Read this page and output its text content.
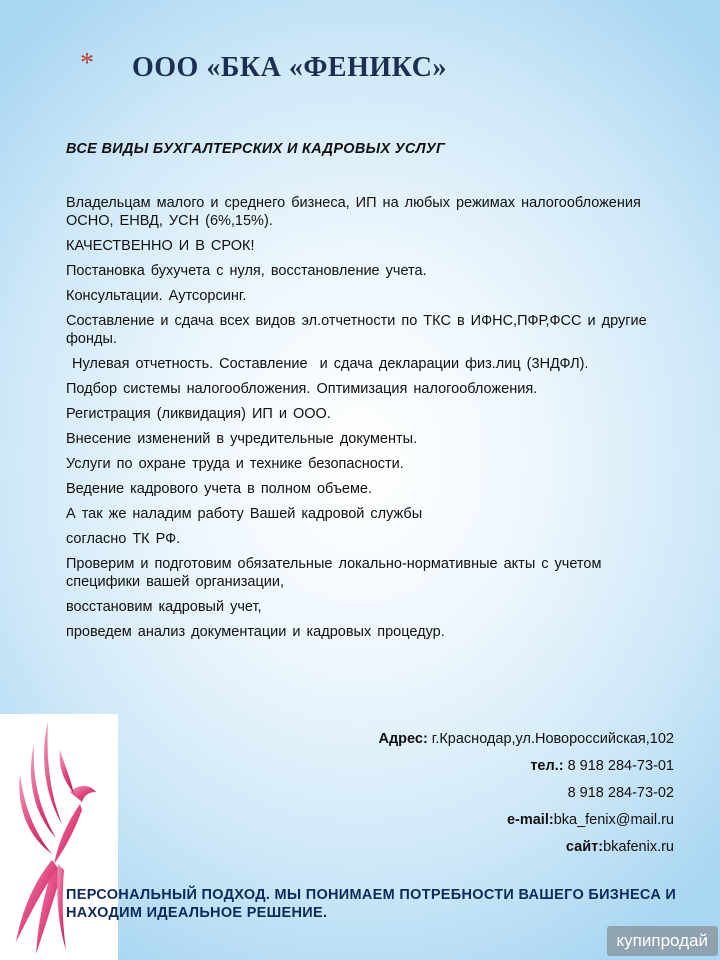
* ООО «БКА «ФЕНИКС»
ВСЕ ВИДЫ БУХГАЛТЕРСКИХ И КАДРОВЫХ УСЛУГ

Владельцам малого и среднего бизнеса, ИП на любых режимах налогообложения ОСНО, ЕНВД, УСН (6%,15%).

КАЧЕСТВЕННО И В СРОК!

Постановка бухучета с нуля, восстановление учета.

Консультации. Аутсорсинг.

Составление и сдача всех видов эл.отчетности по ТКС в ИФНС,ПФР,ФСС и другие фонды.

Нулевая отчетность. Составление  и сдача декларации физ.лиц (3НДФЛ).

Подбор системы налогообложения. Оптимизация налогообложения.

Регистрация (ликвидация) ИП и ООО.

Внесение изменений в учредительные документы.

Услуги по охране труда и технике безопасности.

Ведение кадрового учета в полном объеме.

А так же наладим работу Вашей кадровой службы

согласно ТК РФ.

Проверим и подготовим обязательные локально-нормативные акты с учетом специфики вашей организации,

восстановим кадровый учет,

проведем анализ документации и кадровых процедур.

Адрес: г.Краснодар,ул.Новороссийская,102
тел.: 8 918 284-73-01
8 918 284-73-02
e-mail:bka_fenix@mail.ru
сайт:bkafenix.ru
ПЕРСОНАЛЬНЫЙ ПОДХОД. МЫ ПОНИМАЕМ ПОТРЕБНОСТИ ВАШЕГО БИЗНЕСА И НАХОДИМ ИДЕАЛЬНОЕ РЕШЕНИЕ.
купипродай
